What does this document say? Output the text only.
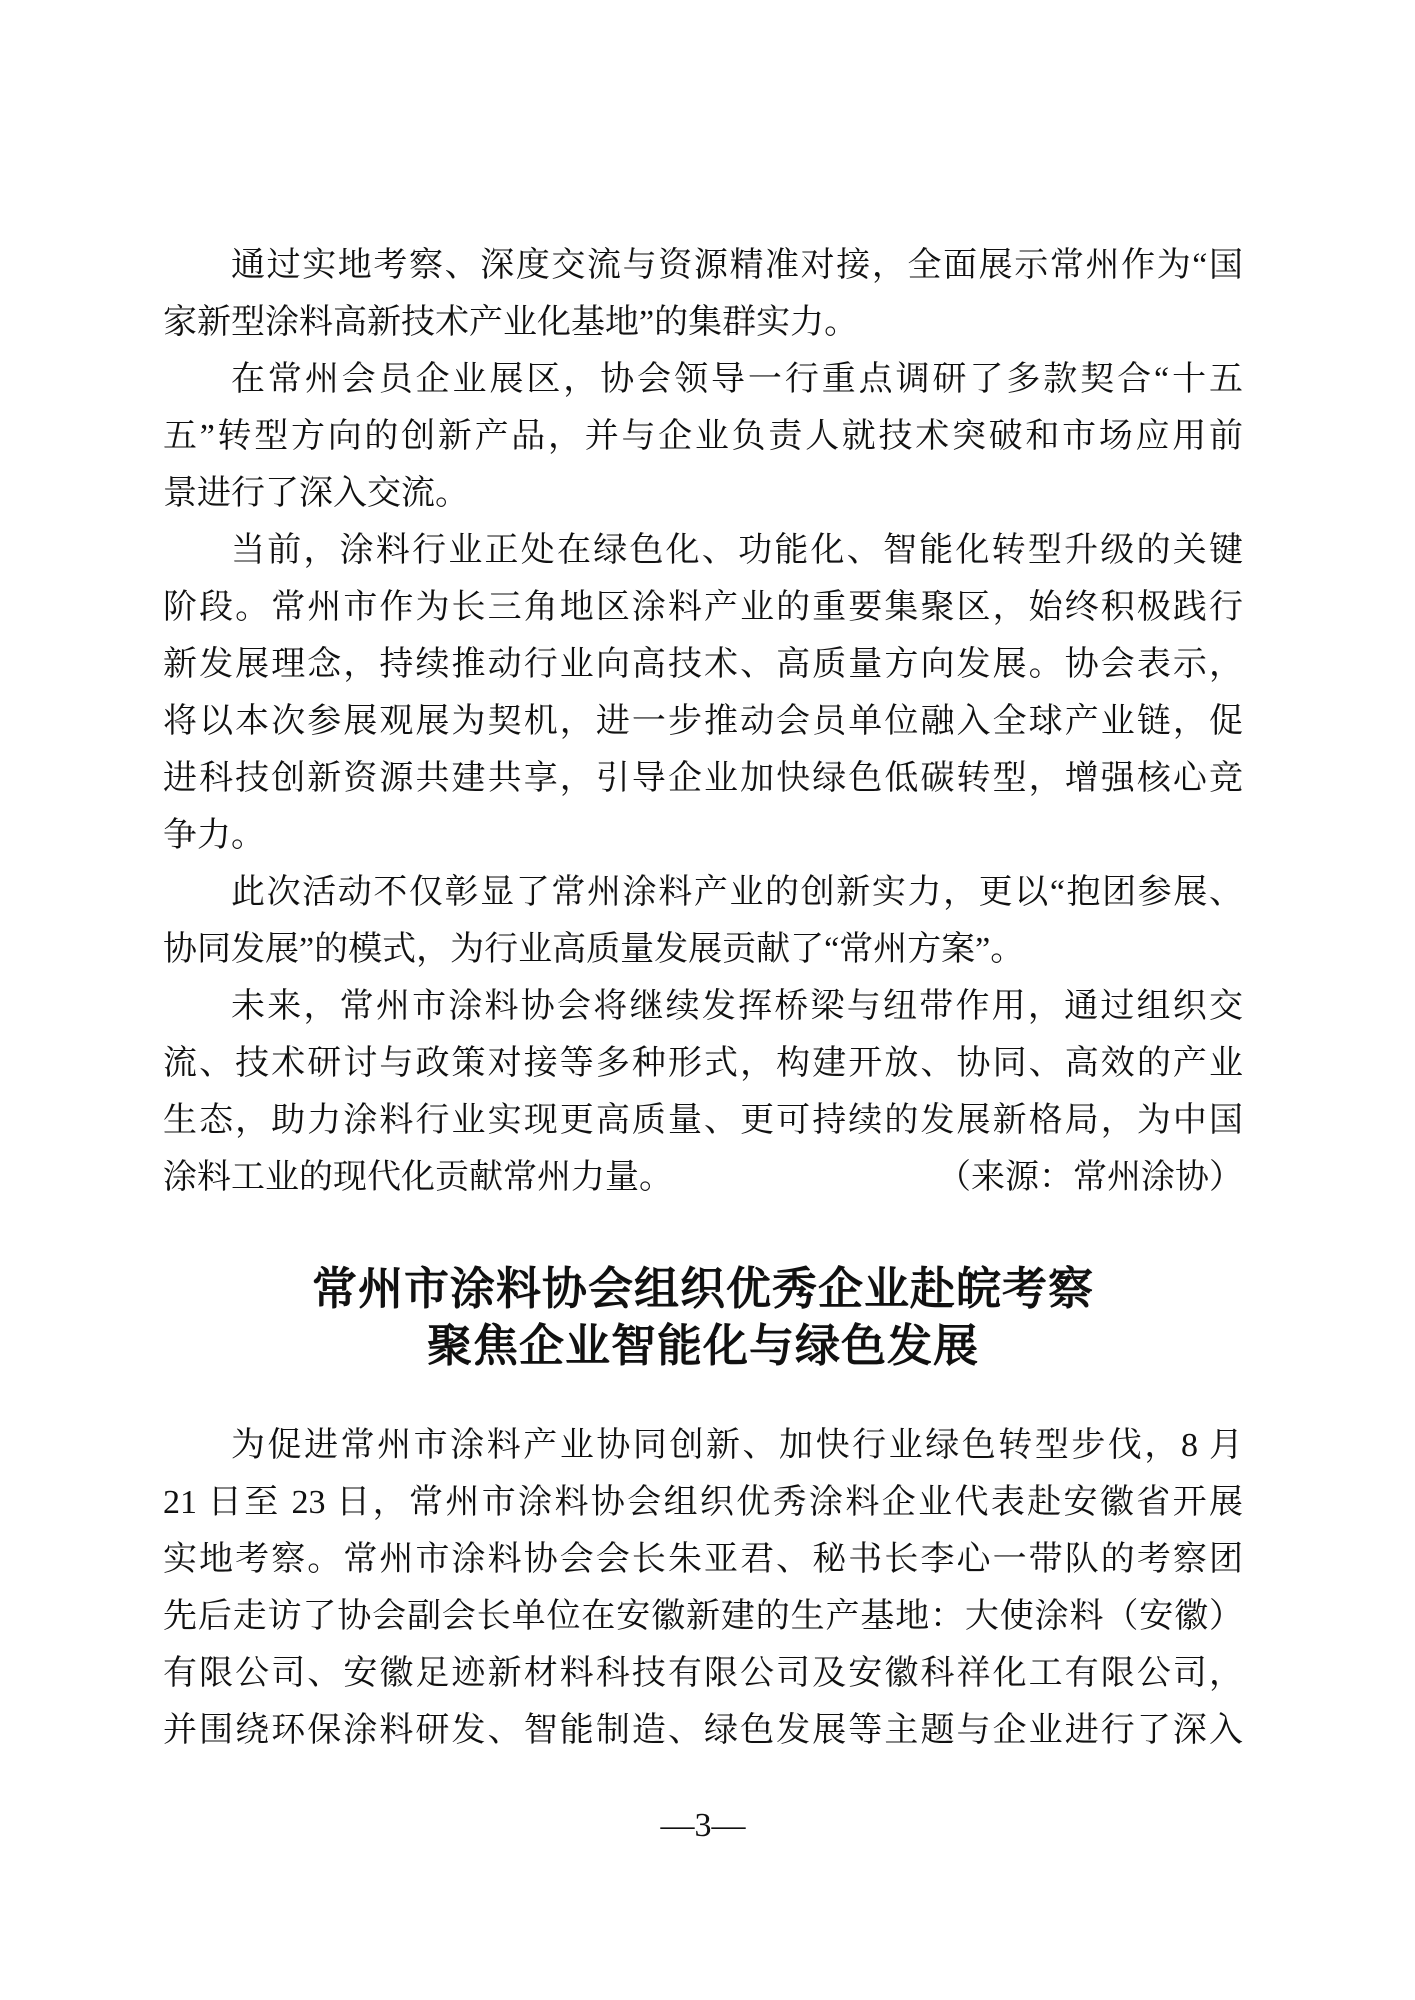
通过实地考察、深度交流与资源精准对接，全面展示常州作为“国
家新型涂料高新技术产业化基地”的集群实力。
在常州会员企业展区，协会领导一行重点调研了多款契合“十五
五”转型方向的创新产品，并与企业负责人就技术突破和市场应用前
景进行了深入交流。
当前，涂料行业正处在绿色化、功能化、智能化转型升级的关键
阶段。常州市作为长三角地区涂料产业的重要集聚区，始终积极践行
新发展理念，持续推动行业向高技术、高质量方向发展。协会表示，
将以本次参展观展为契机，进一步推动会员单位融入全球产业链，促
进科技创新资源共建共享，引导企业加快绿色低碳转型，增强核心竞
争力。
此次活动不仅彰显了常州涂料产业的创新实力，更以“抱团参展、
协同发展”的模式，为行业高质量发展贡献了“常州方案”。
未来，常州市涂料协会将继续发挥桥梁与纽带作用，通过组织交
流、技术研讨与政策对接等多种形式，构建开放、协同、高效的产业
生态，助力涂料行业实现更高质量、更可持续的发展新格局，为中国
涂料工业的现代化贡献常州力量。	（来源：常州涂协）
常州市涂料协会组织优秀企业赴皖考察
聚焦企业智能化与绿色发展
为促进常州市涂料产业协同创新、加快行业绿色转型步伐，8 月
21 日至 23 日，常州市涂料协会组织优秀涂料企业代表赴安徽省开展
实地考察。常州市涂料协会会长朱亚君、秘书长李心一带队的考察团
先后走访了协会副会长单位在安徽新建的生产基地：大使涂料（安徽）
有限公司、安徽足迹新材料科技有限公司及安徽科祥化工有限公司，
并围绕环保涂料研发、智能制造、绿色发展等主题与企业进行了深入
—3—
